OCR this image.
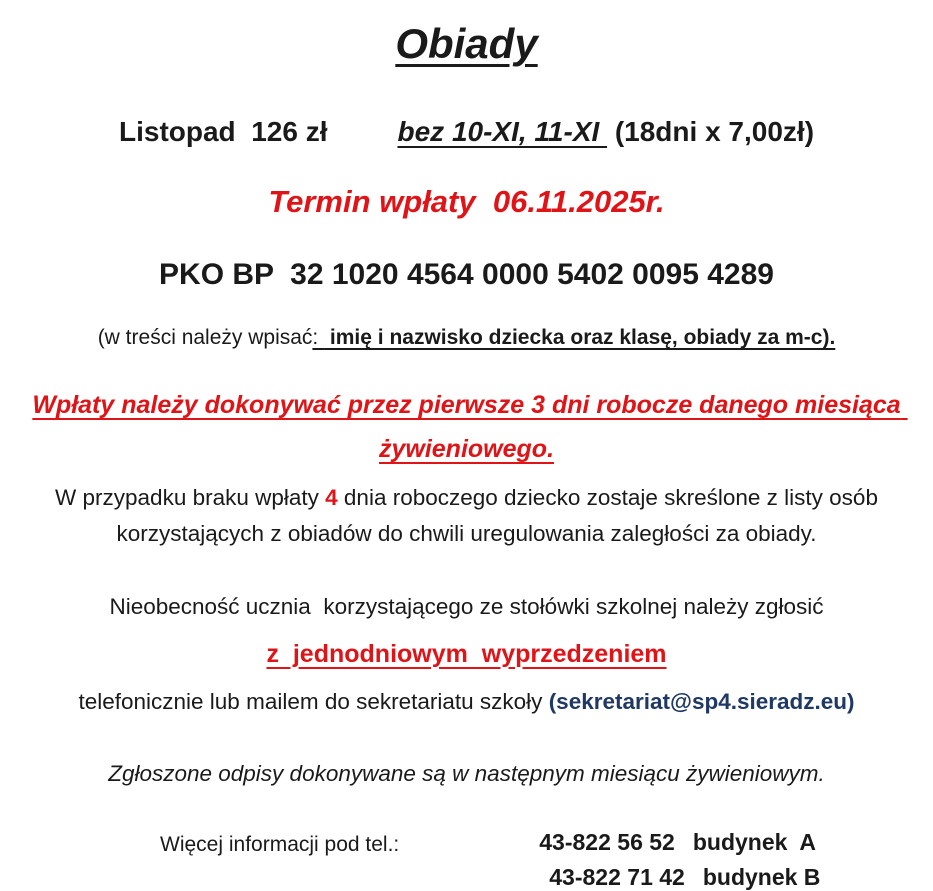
Obiady
Listopad  126 zł	bez 10-XI, 11-XI (18dni x 7,00zł)
Termin wpłaty  06.11.2025r.
PKO BP  32 1020 4564 0000 5402 0095 4289
(w treści należy wpisać:  imię i nazwisko dziecka oraz klasę, obiady za m-c).
Wpłaty należy dokonywać przez pierwsze 3 dni robocze danego miesiąca żywieniowego.

W przypadku braku wpłaty 4 dnia roboczego dziecko zostaje skreślone z listy osób korzystających z obiadów do chwili uregulowania zaległości za obiady.

Nieobecność ucznia  korzystającego ze stołówki szkolnej należy zgłosić
z  jednodniowym  wyprzedzeniem
telefonicznie lub mailem do sekretariatu szkoły (sekretariat@sp4.sieradz.eu)
Zgłoszone odpisy dokonywane są w następnym miesiącu żywieniowym.
Więcej informacji pod tel.:	43-822 56 52 budynek  A
43-822 71 42 budynek B
